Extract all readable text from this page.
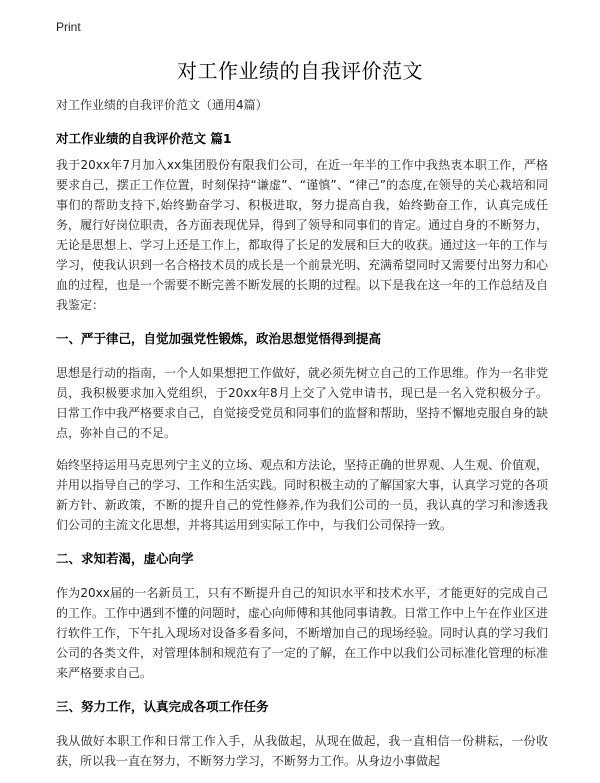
Print
对工作业绩的自我评价范文
对工作业绩的自我评价范文（通用4篇）
对工作业绩的自我评价范文 篇1

我于20xx年7月加入xx集团股份有限我们公司，在近一年半的工作中我热衷本职工作，严格要求自己，摆正工作位置，时刻保持“谦虚”、“谨慎”、“律己”的态度,在领导的关心栽培和同事们的帮助支持下,始终勤奋学习、积极进取，努力提高自我，始终勤奋工作，认真完成任务，履行好岗位职责，各方面表现优异，得到了领导和同事们的肯定。通过自身的不断努力，无论是思想上、学习上还是工作上，都取得了长足的发展和巨大的收获。通过这一年的工作与学习，使我认识到一名合格技术员的成长是一个前景光明、充满希望同时又需要付出努力和心血的过程，也是一个需要不断完善不断发展的长期的过程。以下是我在这一年的工作总结及自我鉴定：

一、严于律己，自觉加强党性锻炼，政治思想觉悟得到提高

思想是行动的指南，一个人如果想把工作做好，就必须先树立自己的工作思维。作为一名非党员，我积极要求加入党组织，于20xx年8月上交了入党申请书，现已是一名入党积极分子。日常工作中我严格要求自己，自觉接受党员和同事们的监督和帮助，坚持不懈地克服自身的缺点，弥补自己的不足。

始终坚持运用马克思列宁主义的立场、观点和方法论，坚持正确的世界观、人生观、价值观，并用以指导自己的学习、工作和生活实践。同时积极主动的了解国家大事，认真学习党的各项新方针、新政策，不断的提升自己的党性修养,作为我们公司的一员，我认真的学习和渗透我们公司的主流文化思想，并将其运用到实际工作中，与我们公司保持一致。

二、求知若渴，虚心向学

作为20xx届的一名新员工，只有不断提升自己的知识水平和技术水平，才能更好的完成自己的工作。工作中遇到不懂的问题时，虚心向师傅和其他同事请教。日常工作中上午在作业区进行软件工作，下午扎入现场对设备多看多问，不断增加自己的现场经验。同时认真的学习我们公司的各类文件，对管理体制和规范有了一定的了解，在工作中以我们公司标准化管理的标准来严格要求自己。

三、努力工作，认真完成各项工作任务

我从做好本职工作和日常工作入手，从我做起，从现在做起，我一直相信一份耕耘，一份收获，所以我一直在努力，不断努力学习，不断努力工作。从身边小事做起
